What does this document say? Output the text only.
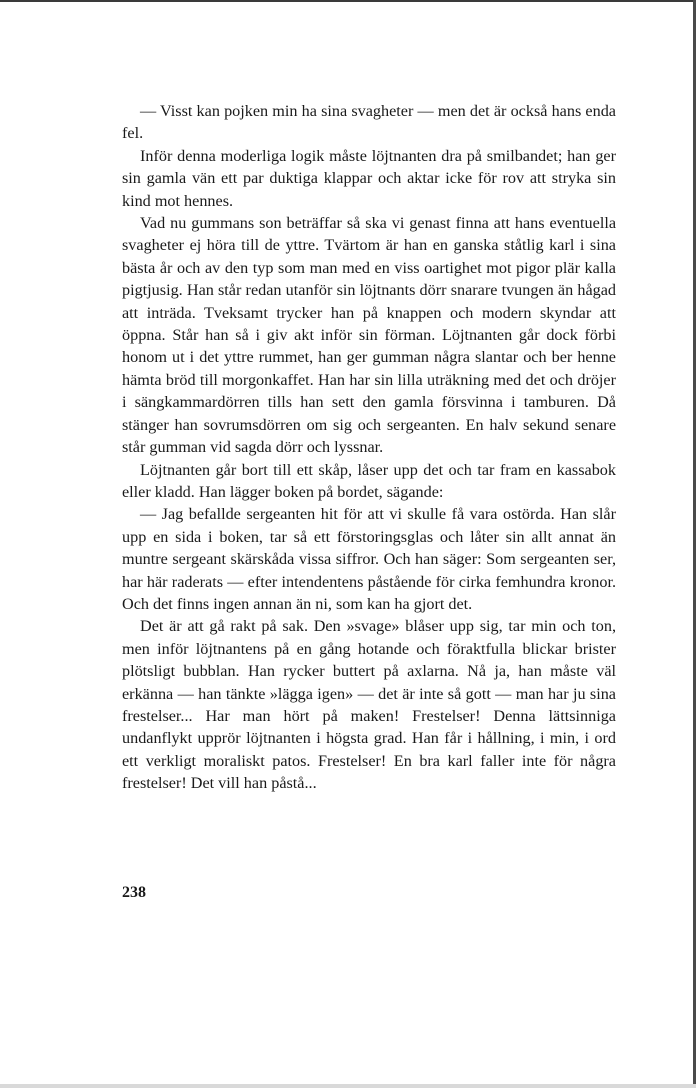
— Visst kan pojken min ha sina svagheter — men det är också hans enda fel.

Inför denna moderliga logik måste löjtnanten dra på smilbandet; han ger sin gamla vän ett par duktiga klappar och aktar icke för rov att stryka sin kind mot hennes.

Vad nu gummans son beträffar så ska vi genast finna att hans eventuella svagheter ej höra till de yttre. Tvärtom är han en ganska ståtlig karl i sina bästa år och av den typ som man med en viss oartighet mot pigor plär kalla pigtjusig. Han står redan utanför sin löjtnants dörr snarare tvungen än hågad att inträda. Tveksamt trycker han på knappen och modern skyndar att öppna. Står han så i giv akt inför sin förman. Löjtnanten går dock förbi honom ut i det yttre rummet, han ger gumman några slantar och ber henne hämta bröd till morgonkaffet. Han har sin lilla uträkning med det och dröjer i sängkammardörren tills han sett den gamla försvinna i tamburen. Då stänger han sovrumsdörren om sig och sergeanten. En halv sekund senare står gumman vid sagda dörr och lyssnar.

Löjtnanten går bort till ett skåp, låser upp det och tar fram en kassabok eller kladd. Han lägger boken på bordet, sägande:

— Jag befallde sergeanten hit för att vi skulle få vara ostörda. Han slår upp en sida i boken, tar så ett förstoringsglas och låter sin allt annat än muntre sergeant skärskåda vissa siffror. Och han säger: Som sergeanten ser, har här raderats — efter intendentens påstående för cirka femhundra kronor. Och det finns ingen annan än ni, som kan ha gjort det.

Det är att gå rakt på sak. Den »svage» blåser upp sig, tar min och ton, men inför löjtnantens på en gång hotande och föraktfulla blickar brister plötsligt bubblan. Han rycker buttert på axlarna. Nå ja, han måste väl erkänna — han tänkte »lägga igen» — det är inte så gott — man har ju sina frestelser... Har man hört på maken! Frestelser! Denna lättsinniga undanflykt upprör löjtnanten i högsta grad. Han får i hållning, i min, i ord ett verkligt moraliskt patos. Frestelser! En bra karl faller inte för några frestelser! Det vill han påstå...

238
